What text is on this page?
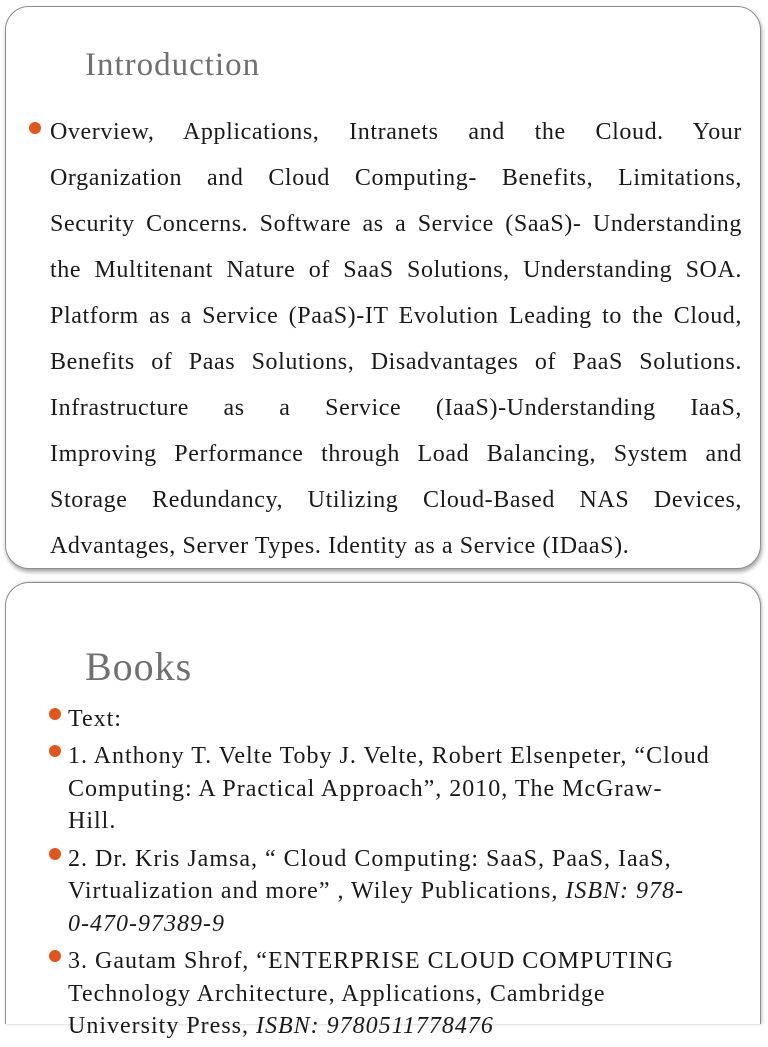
Introduction
Overview, Applications, Intranets and the Cloud. Your
Organization and Cloud Computing- Benefits, Limitations,
Security Concerns. Software as a Service (SaaS)- Understanding
the Multitenant Nature of SaaS Solutions, Understanding SOA.
Platform as a Service (PaaS)-IT Evolution Leading to the Cloud,
Benefits of Paas Solutions, Disadvantages of PaaS Solutions.
Infrastructure as a Service (IaaS)-Understanding IaaS,
Improving Performance through Load Balancing, System and
Storage Redundancy, Utilizing Cloud-Based NAS Devices,
Advantages, Server Types. Identity as a Service (IDaaS).
Books
Text:
1. Anthony T. Velte Toby J. Velte, Robert Elsenpeter, “Cloud
Computing: A Practical Approach”, 2010, The McGraw-
Hill.
2. Dr. Kris Jamsa, “ Cloud Computing: SaaS, PaaS, IaaS,
Virtualization and more” , Wiley Publications, ISBN: 978-
0-470-97389-9
3. Gautam Shrof, “ENTERPRISE CLOUD COMPUTING
Technology Architecture, Applications, Cambridge
University Press, ISBN: 9780511778476
